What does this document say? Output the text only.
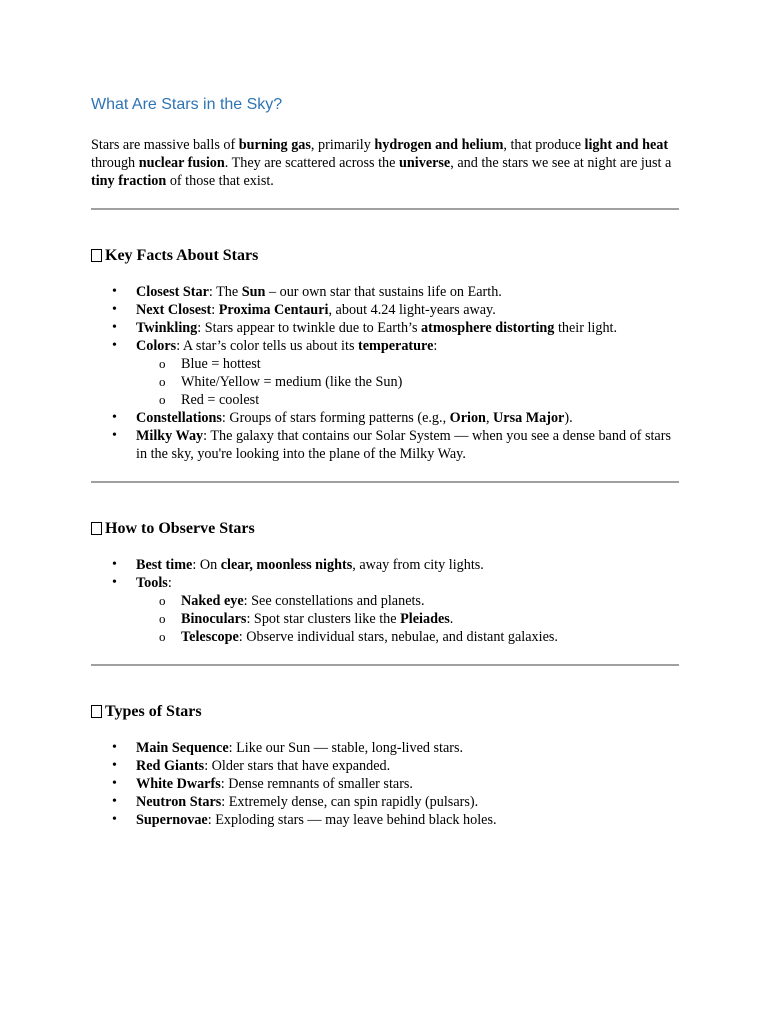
What Are Stars in the Sky?

Stars are massive balls of burning gas, primarily hydrogen and helium, that produce light and heat through nuclear fusion. They are scattered across the universe, and the stars we see at night are just a tiny fraction of those that exist.

Key Facts About Stars
• Closest Star: The Sun – our own star that sustains life on Earth.
• Next Closest: Proxima Centauri, about 4.24 light-years away.
• Twinkling: Stars appear to twinkle due to Earth’s atmosphere distorting their light.
• Colors: A star’s color tells us about its temperature:
o Blue = hottest
o White/Yellow = medium (like the Sun)
o Red = coolest
• Constellations: Groups of stars forming patterns (e.g., Orion, Ursa Major).
• Milky Way: The galaxy that contains our Solar System — when you see a dense band of stars in the sky, you're looking into the plane of the Milky Way.
How to Observe Stars
• Best time: On clear, moonless nights, away from city lights.
• Tools:
o Naked eye: See constellations and planets.
o Binoculars: Spot star clusters like the Pleiades.
o Telescope: Observe individual stars, nebulae, and distant galaxies.
Types of Stars
• Main Sequence: Like our Sun — stable, long-lived stars.
• Red Giants: Older stars that have expanded.
• White Dwarfs: Dense remnants of smaller stars.
• Neutron Stars: Extremely dense, can spin rapidly (pulsars).
• Supernovae: Exploding stars — may leave behind black holes.
